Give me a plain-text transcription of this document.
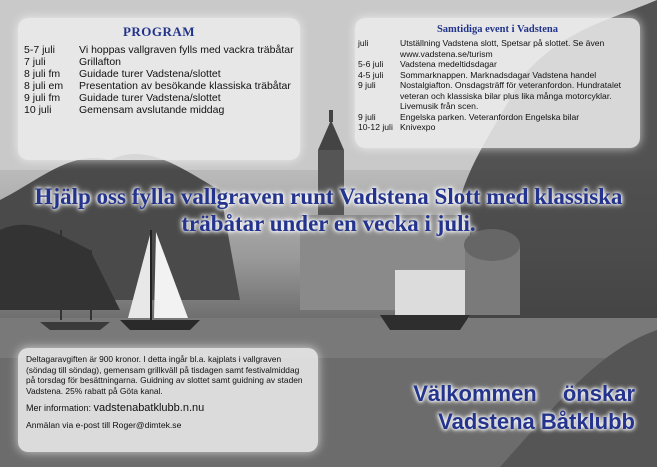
PROGRAM
5-7 juli	Vi hoppas vallgraven fylls med vackra träbåtar
7 juli	Grillafton
8 juli fm	Guidade turer Vadstena/slottet
8 juli em	Presentation av besökande klassiska träbåtar
9 juli fm	Guidade turer Vadstena/slottet
10 juli	Gemensam avslutande middag
Samtidiga event i Vadstena
juli	Utställning Vadstena slott, Spetsar på slottet. Se även www.vadstena.se/turism
5-6 juli	Vadstena medeltidsdagar
4-5 juli	Sommarknappen. Marknadsdagar Vadstena handel
9 juli	Nostalgiafton. Onsdagsträff för veteranfordon. Hundratalet veteran och klassiska bilar plus lika många motorcyklar. Livemusik från scen.
9 juli	Engelska parken. Veteranfordon Engelska bilar
10-12 juli Knivexpo
Hjälp oss fylla vallgraven runt Vadstena Slott med klassiska träbåtar under en vecka i juli.

Deltagaravgiften är 900 kronor. I detta ingår bl.a. kajplats i vallgraven (söndag till söndag), gemensam grillkväll på tisdagen samt festivalmiddag på torsdag för besättningarna. Guidning av slottet samt guidning av staden Vadstena. 25% rabatt på Göta kanal.

Mer information: vadstenabatklubb.n.nu

Anmälan via e-post till Roger@dimtek.se

Välkommen önskar
Vadstena Båtklubb
